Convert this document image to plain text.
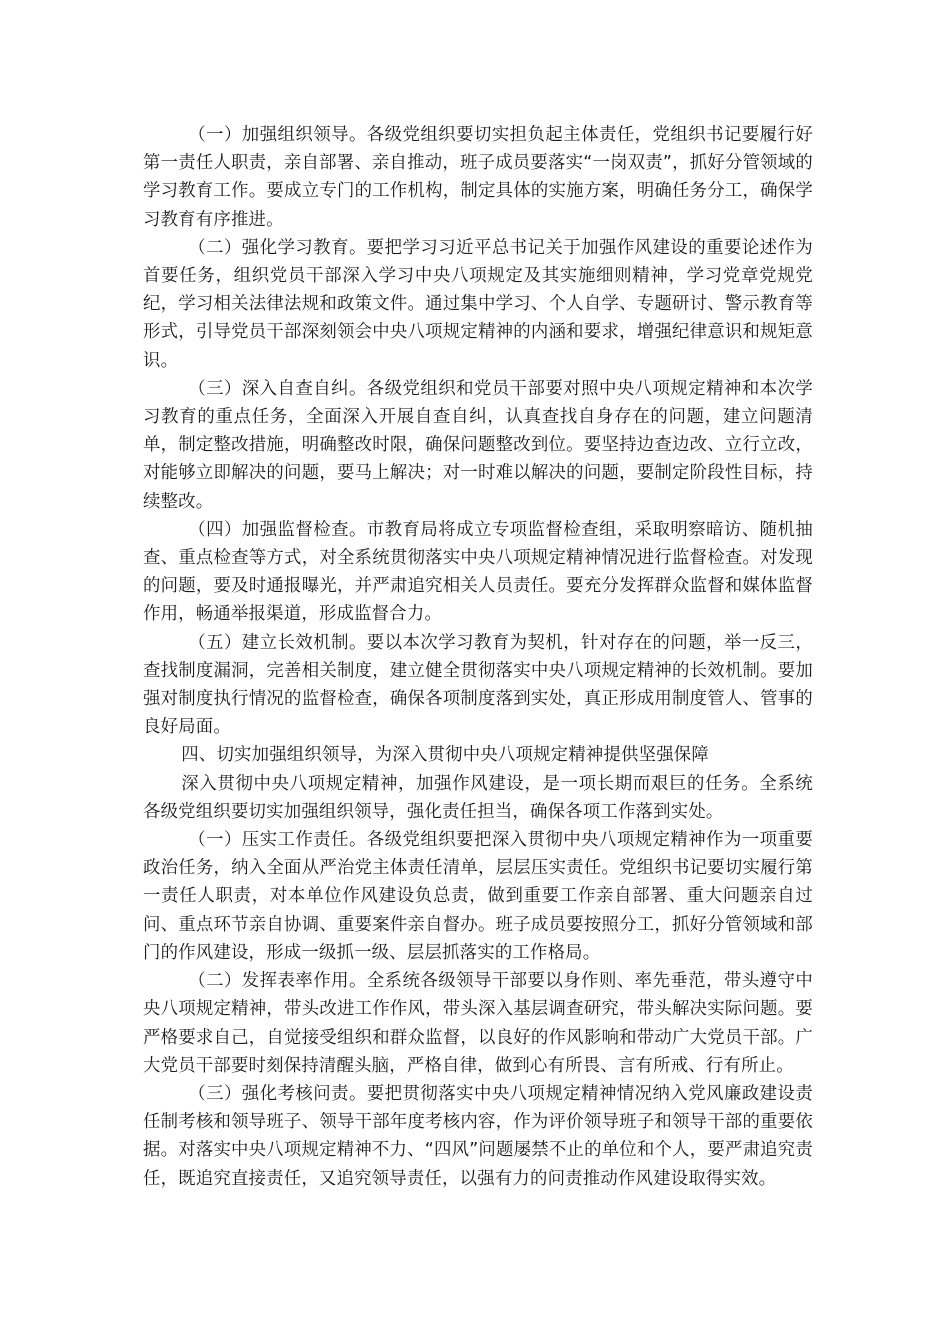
（一）加强组织领导。各级党组织要切实担负起主体责任，党组织书记要履行好第一责任人职责，亲自部署、亲自推动，班子成员要落实“一岗双责”，抓好分管领域的学习教育工作。要成立专门的工作机构，制定具体的实施方案，明确任务分工，确保学习教育有序推进。

（二）强化学习教育。要把学习习近平总书记关于加强作风建设的重要论述作为首要任务，组织党员干部深入学习中央八项规定及其实施细则精神，学习党章党规党纪，学习相关法律法规和政策文件。通过集中学习、个人自学、专题研讨、警示教育等形式，引导党员干部深刻领会中央八项规定精神的内涵和要求，增强纪律意识和规矩意识。

（三）深入自查自纠。各级党组织和党员干部要对照中央八项规定精神和本次学习教育的重点任务，全面深入开展自查自纠，认真查找自身存在的问题，建立问题清单，制定整改措施，明确整改时限，确保问题整改到位。要坚持边查边改、立行立改，对能够立即解决的问题，要马上解决；对一时难以解决的问题，要制定阶段性目标，持续整改。

（四）加强监督检查。市教育局将成立专项监督检查组，采取明察暗访、随机抽查、重点检查等方式，对全系统贯彻落实中央八项规定精神情况进行监督检查。对发现的问题，要及时通报曝光，并严肃追究相关人员责任。要充分发挥群众监督和媒体监督作用，畅通举报渠道，形成监督合力。

（五）建立长效机制。要以本次学习教育为契机，针对存在的问题，举一反三，查找制度漏洞，完善相关制度，建立健全贯彻落实中央八项规定精神的长效机制。要加强对制度执行情况的监督检查，确保各项制度落到实处，真正形成用制度管人、管事的良好局面。

四、切实加强组织领导，为深入贯彻中央八项规定精神提供坚强保障

深入贯彻中央八项规定精神，加强作风建设，是一项长期而艰巨的任务。全系统各级党组织要切实加强组织领导，强化责任担当，确保各项工作落到实处。

（一）压实工作责任。各级党组织要把深入贯彻中央八项规定精神作为一项重要政治任务，纳入全面从严治党主体责任清单，层层压实责任。党组织书记要切实履行第一责任人职责，对本单位作风建设负总责，做到重要工作亲自部署、重大问题亲自过问、重点环节亲自协调、重要案件亲自督办。班子成员要按照分工，抓好分管领域和部门的作风建设，形成一级抓一级、层层抓落实的工作格局。

（二）发挥表率作用。全系统各级领导干部要以身作则、率先垂范，带头遵守中央八项规定精神，带头改进工作作风，带头深入基层调查研究，带头解决实际问题。要严格要求自己，自觉接受组织和群众监督，以良好的作风影响和带动广大党员干部。广大党员干部要时刻保持清醒头脑，严格自律，做到心有所畏、言有所戒、行有所止。

（三）强化考核问责。要把贯彻落实中央八项规定精神情况纳入党风廉政建设责任制考核和领导班子、领导干部年度考核内容，作为评价领导班子和领导干部的重要依据。对落实中央八项规定精神不力、“四风”问题屡禁不止的单位和个人，要严肃追究责任，既追究直接责任，又追究领导责任，以强有力的问责推动作风建设取得实效。
